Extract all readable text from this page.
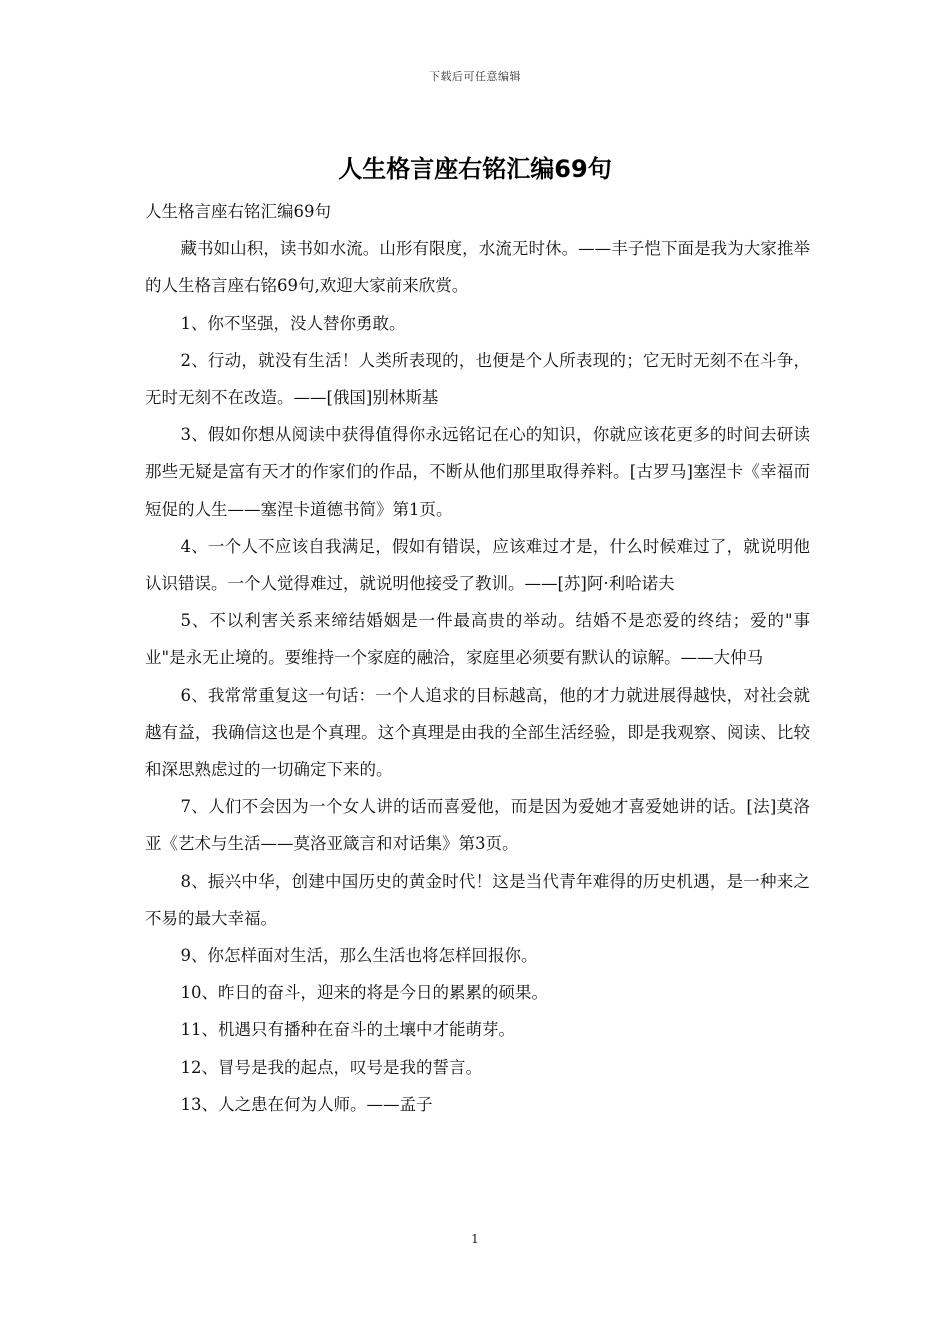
下载后可任意编辑
人生格言座右铭汇编69句

人生格言座右铭汇编69句

藏书如山积，读书如水流。山形有限度，水流无时休。——丰子恺下面是我为大家推举的人生格言座右铭69句,欢迎大家前来欣赏。

1、你不坚强，没人替你勇敢。

2、行动，就没有生活！人类所表现的，也便是个人所表现的；它无时无刻不在斗争，无时无刻不在改造。——[俄国]别林斯基

3、假如你想从阅读中获得值得你永远铭记在心的知识，你就应该花更多的时间去研读那些无疑是富有天才的作家们的作品，不断从他们那里取得养料。[古罗马]塞涅卡《幸福而短促的人生——塞涅卡道德书简》第1页。

4、一个人不应该自我满足，假如有错误，应该难过才是，什么时候难过了，就说明他认识错误。一个人觉得难过，就说明他接受了教训。——[苏]阿·利哈诺夫

5、不以利害关系来缔结婚姻是一件最高贵的举动。结婚不是恋爱的终结；爱的"事业"是永无止境的。要维持一个家庭的融洽，家庭里必须要有默认的谅解。——大仲马

6、我常常重复这一句话：一个人追求的目标越高，他的才力就进展得越快，对社会就越有益，我确信这也是个真理。这个真理是由我的全部生活经验，即是我观察、阅读、比较和深思熟虑过的一切确定下来的。

7、人们不会因为一个女人讲的话而喜爱他，而是因为爱她才喜爱她讲的话。[法]莫洛亚《艺术与生活——莫洛亚箴言和对话集》第3页。

8、振兴中华，创建中国历史的黄金时代！这是当代青年难得的历史机遇，是一种来之不易的最大幸福。

9、你怎样面对生活，那么生活也将怎样回报你。

10、昨日的奋斗，迎来的将是今日的累累的硕果。

11、机遇只有播种在奋斗的土壤中才能萌芽。

12、冒号是我的起点，叹号是我的誓言。

13、人之患在何为人师。——孟子

1
